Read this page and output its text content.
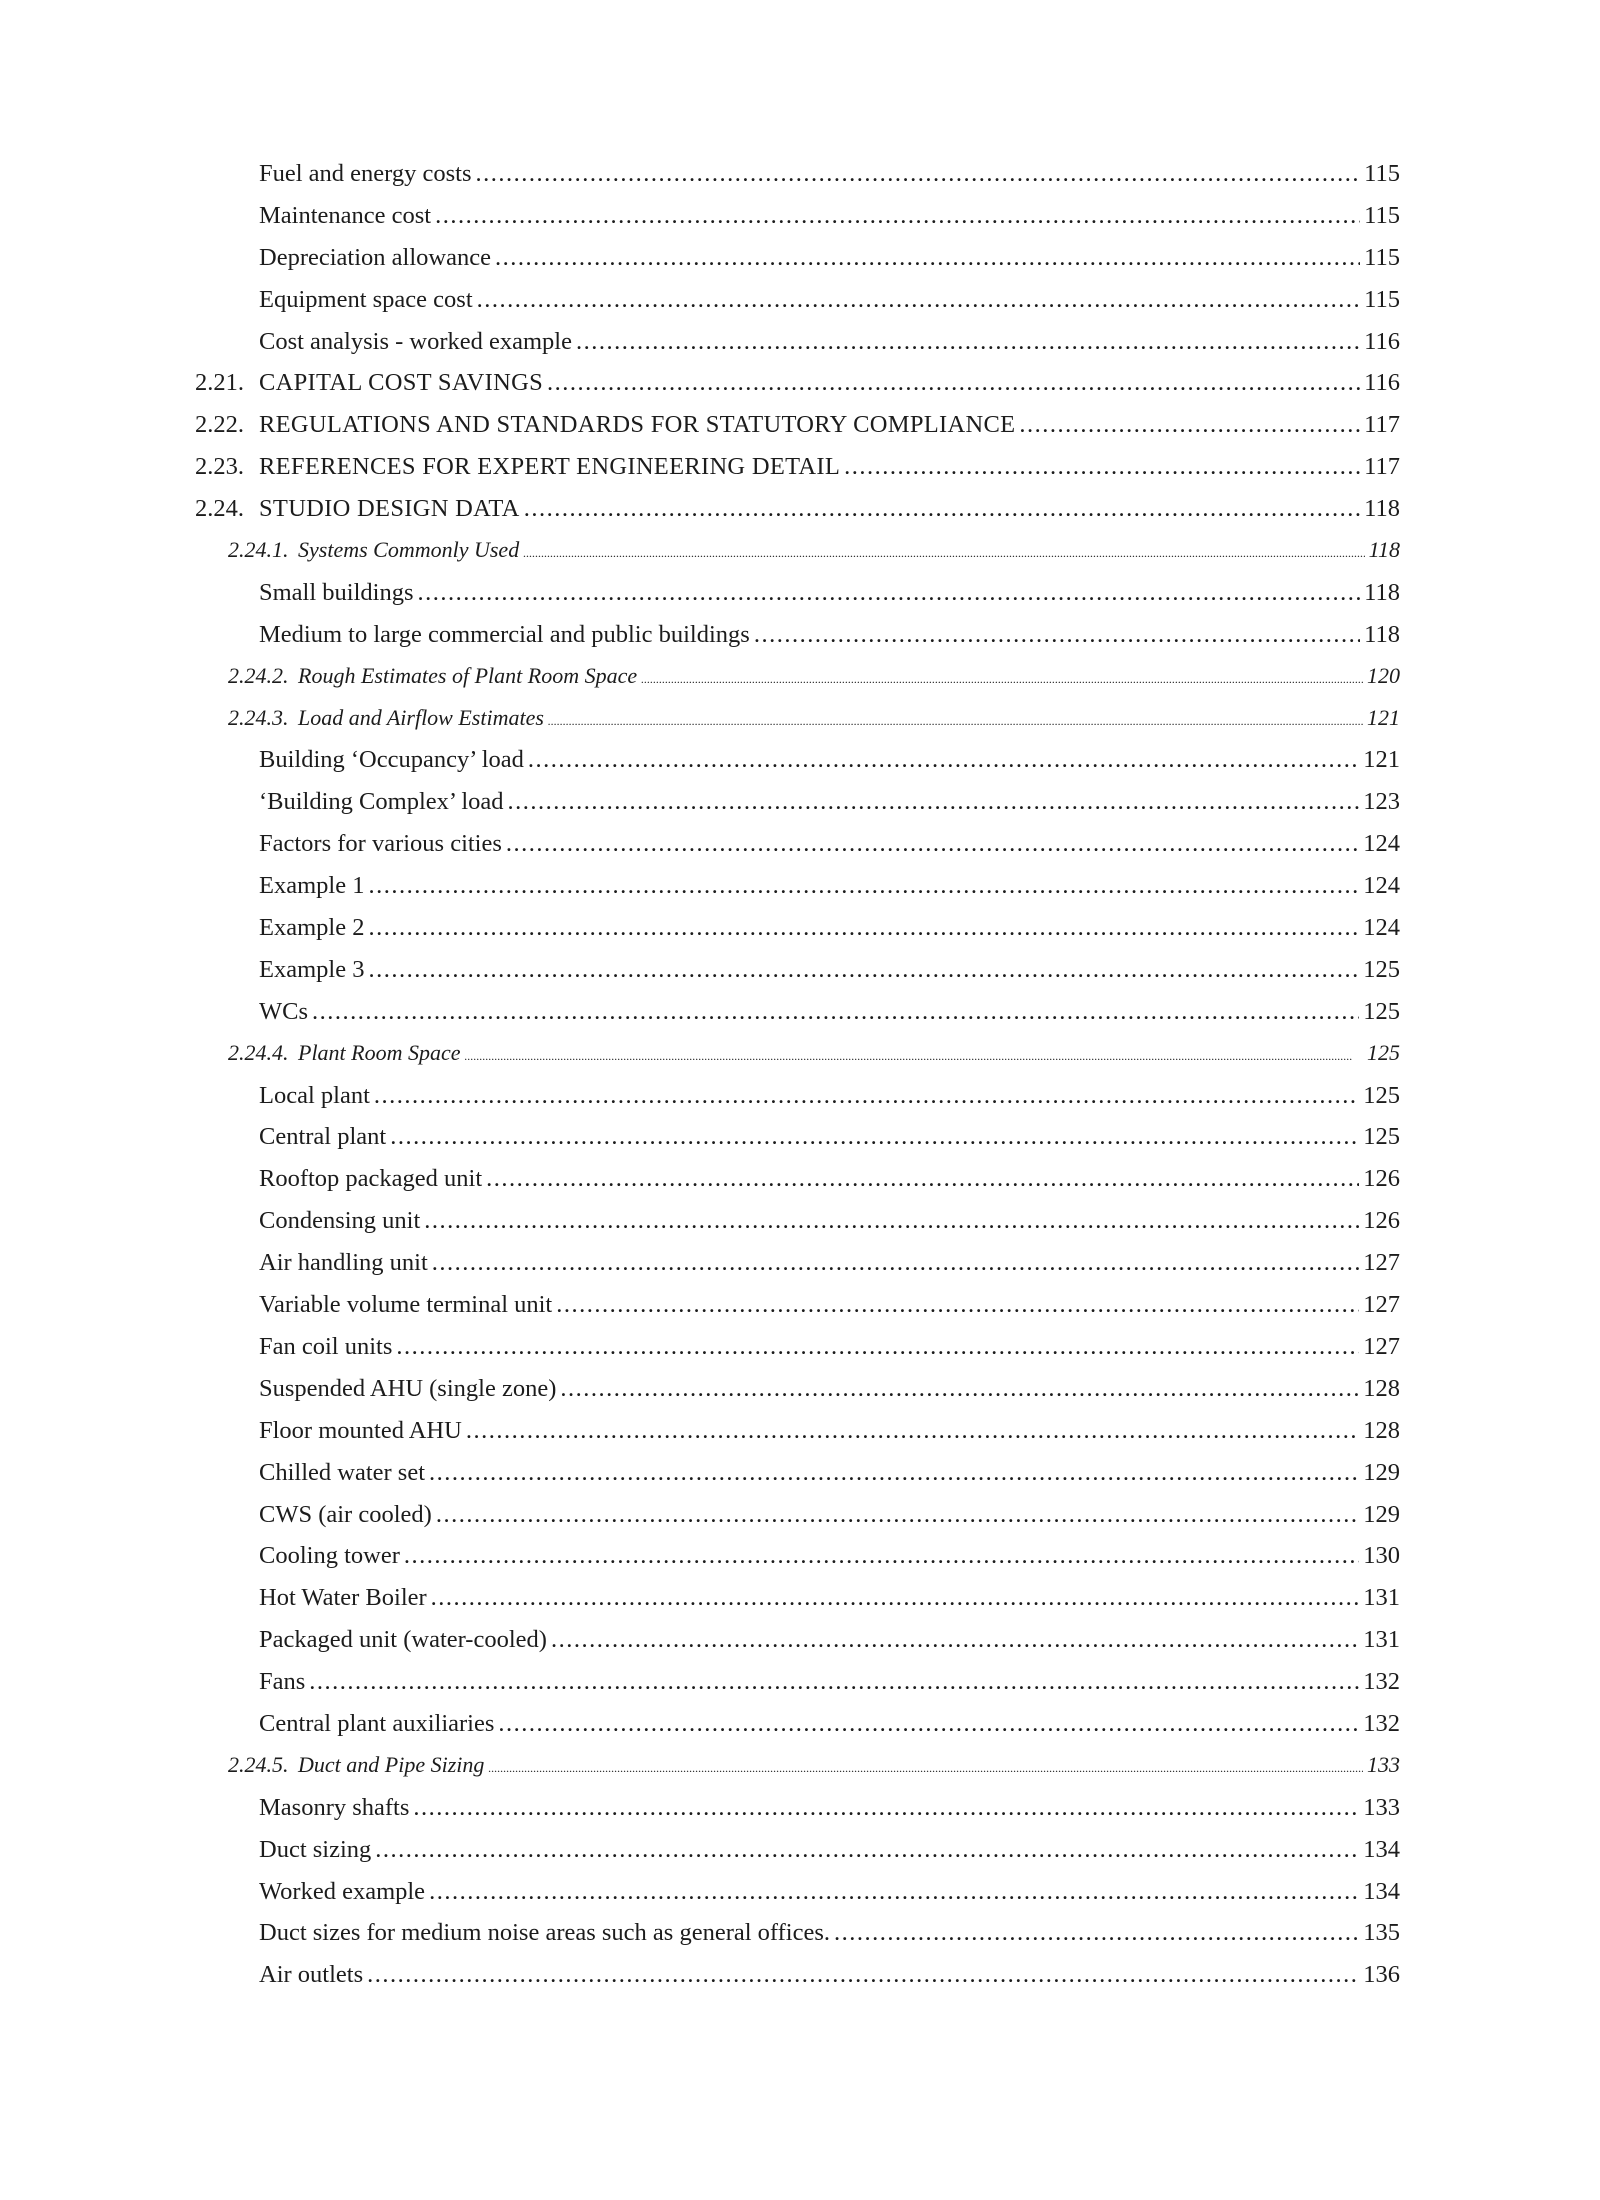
Fuel and energy costs .....	115
Maintenance cost .....	115
Depreciation allowance .....	115
Equipment space cost .....	115
Cost analysis - worked example .....	116
2.21. CAPITAL COST SAVINGS .....	116
2.22. REGULATIONS AND STANDARDS FOR STATUTORY COMPLIANCE .....	117
2.23. REFERENCES FOR EXPERT ENGINEERING DETAIL .....	117
2.24. STUDIO DESIGN DATA .....	118
2.24.1. Systems Commonly Used .....	118
Small buildings .....	118
Medium to large commercial and public buildings .....	118
2.24.2. Rough Estimates of Plant Room Space .....	120
2.24.3. Load and Airflow Estimates .....	121
Building ‘Occupancy’ load .....	121
‘Building Complex’ load .....	123
Factors for various cities .....	124
Example 1 .....	124
Example 2 .....	124
Example 3 .....	125
WCs .....	125
2.24.4. Plant Room Space .....	125
Local plant .....	125
Central plant .....	125
Rooftop packaged unit .....	126
Condensing unit .....	126
Air handling unit .....	127
Variable volume terminal unit .....	127
Fan coil units .....	127
Suspended AHU (single zone) .....	128
Floor mounted AHU .....	128
Chilled water set .....	129
CWS (air cooled) .....	129
Cooling tower .....	130
Hot Water Boiler .....	131
Packaged unit (water-cooled) .....	131
Fans .....	132
Central plant auxiliaries .....	132
2.24.5. Duct and Pipe Sizing .....	133
Masonry shafts .....	133
Duct sizing .....	134
Worked example .....	134
Duct sizes for medium noise areas such as general offices. .....	135
Air outlets .....	136
